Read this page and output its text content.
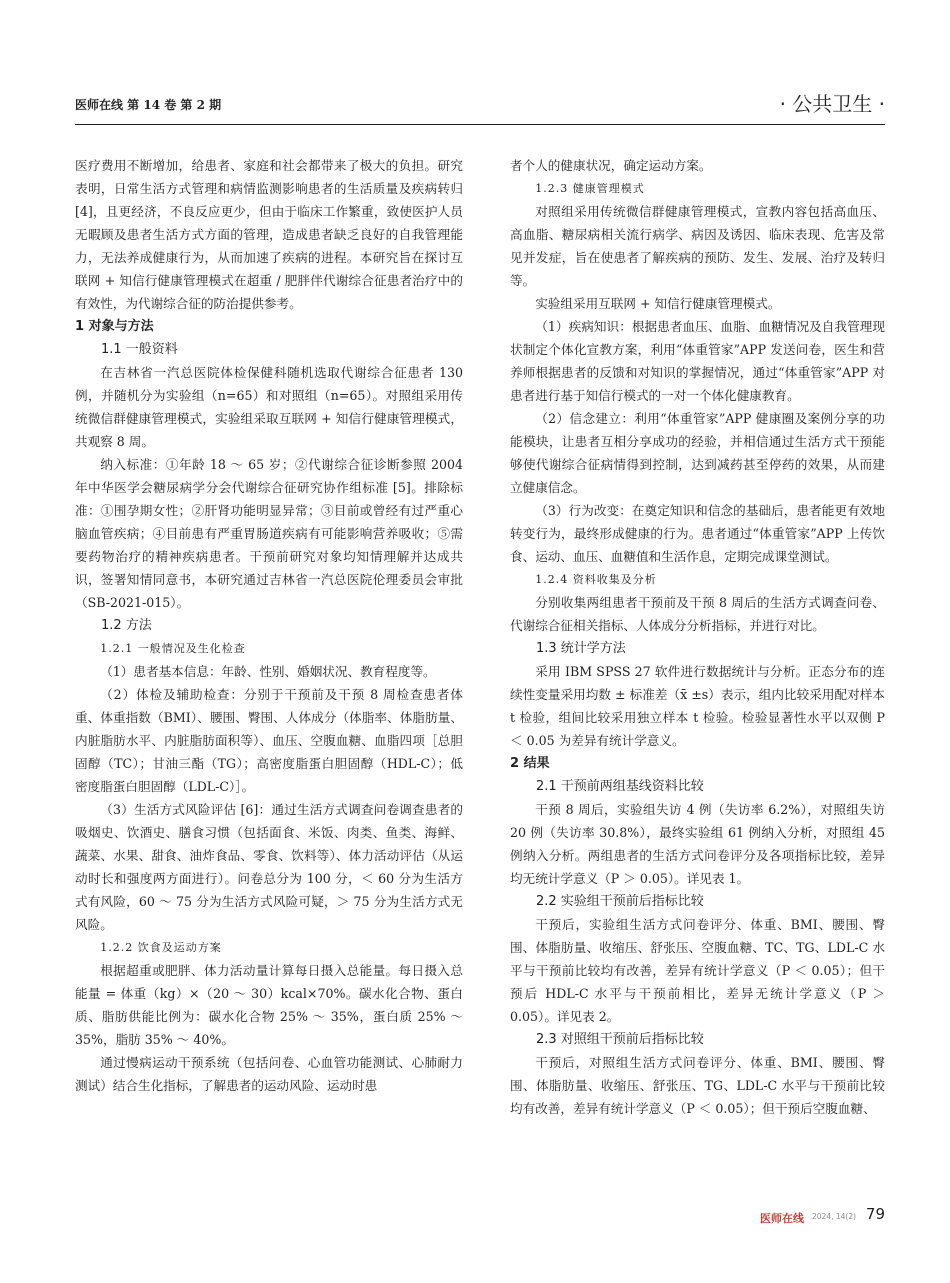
医师在线 第 14 卷 第 2 期	· 公共卫生 ·

医疗费用不断增加，给患者、家庭和社会都带来了极大的负担。研究表明，日常生活方式管理和病情监测影响患者的生活质量及疾病转归 [4]，且更经济，不良反应更少，但由于临床工作繁重，致使医护人员无暇顾及患者生活方式方面的管理，造成患者缺乏良好的自我管理能力，无法养成健康行为，从而加速了疾病的进程。本研究旨在探讨互联网 + 知信行健康管理模式在超重 / 肥胖伴代谢综合征患者治疗中的有效性，为代谢综合征的防治提供参考。

1 对象与方法
1.1 一般资料

在吉林省一汽总医院体检保健科随机选取代谢综合征患者 130 例，并随机分为实验组（n=65）和对照组（n=65）。对照组采用传统微信群健康管理模式，实验组采取互联网 + 知信行健康管理模式，共观察 8 周。

纳入标准：①年龄 18 ～ 65 岁；②代谢综合征诊断参照 2004 年中华医学会糖尿病学分会代谢综合征研究协作组标准 [5]。排除标准：①围孕期女性；②肝肾功能明显异常；③目前或曾经有过严重心脑血管疾病；④目前患有严重胃肠道疾病有可能影响营养吸收；⑤需要药物治疗的精神疾病患者。干预前研究对象均知情理解并达成共识，签署知情同意书，本研究通过吉林省一汽总医院伦理委员会审批（SB-2021-015）。

1.2 方法
1.2.1 一般情况及生化检查

（1）患者基本信息：年龄、性别、婚姻状况、教育程度等。

（2）体检及辅助检查：分别于干预前及干预 8 周检查患者体重、体重指数（BMI）、腰围、臀围、人体成分（体脂率、体脂肪量、内脏脂肪水平、内脏脂肪面积等）、血压、空腹血糖、血脂四项［总胆固醇（TC）；甘油三酯（TG）；高密度脂蛋白胆固醇（HDL-C）；低密度脂蛋白胆固醇（LDL-C）］。

（3）生活方式风险评估 [6]：通过生活方式调查问卷调查患者的吸烟史、饮酒史、膳食习惯（包括面食、米饭、肉类、鱼类、海鲜、蔬菜、水果、甜食、油炸食品、零食、饮料等）、体力活动评估（从运动时长和强度两方面进行）。问卷总分为 100 分，＜ 60 分为生活方式有风险，60 ～ 75 分为生活方式风险可疑，＞ 75 分为生活方式无风险。

1.2.2 饮食及运动方案

根据超重或肥胖、体力活动量计算每日摄入总能量。每日摄入总能量 = 体重（kg）×（20 ～ 30）kcal×70%。碳水化合物、蛋白质、脂肪供能比例为：碳水化合物 25% ～ 35%，蛋白质 25% ～ 35%，脂肪 35% ～ 40%。

通过慢病运动干预系统（包括问卷、心血管功能测试、心肺耐力测试）结合生化指标，了解患者的运动风险、运动时患

者个人的健康状况，确定运动方案。

1.2.3 健康管理模式

对照组采用传统微信群健康管理模式，宣教内容包括高血压、高血脂、糖尿病相关流行病学、病因及诱因、临床表现、危害及常见并发症，旨在使患者了解疾病的预防、发生、发展、治疗及转归等。

实验组采用互联网 + 知信行健康管理模式。

（1）疾病知识：根据患者血压、血脂、血糖情况及自我管理现状制定个体化宣教方案，利用“体重管家”APP 发送问卷，医生和营养师根据患者的反馈和对知识的掌握情况，通过“体重管家”APP 对患者进行基于知信行模式的一对一个体化健康教育。

（2）信念建立：利用“体重管家”APP 健康圈及案例分享的功能模块，让患者互相分享成功的经验，并相信通过生活方式干预能够使代谢综合征病情得到控制，达到减药甚至停药的效果，从而建立健康信念。

（3）行为改变：在奠定知识和信念的基础后，患者能更有效地转变行为，最终形成健康的行为。患者通过“体重管家”APP 上传饮食、运动、血压、血糖值和生活作息，定期完成课堂测试。

1.2.4 资料收集及分析

分别收集两组患者干预前及干预 8 周后的生活方式调查问卷、代谢综合征相关指标、人体成分分析指标，并进行对比。

1.3 统计学方法

采用 IBM SPSS 27 软件进行数据统计与分析。正态分布的连续性变量采用均数 ± 标准差（x̄ ±s）表示，组内比较采用配对样本 t 检验，组间比较采用独立样本 t 检验。检验显著性水平以双侧 P ＜ 0.05 为差异有统计学意义。

2 结果
2.1 干预前两组基线资料比较

干预 8 周后，实验组失访 4 例（失访率 6.2%），对照组失访 20 例（失访率 30.8%），最终实验组 61 例纳入分析，对照组 45 例纳入分析。两组患者的生活方式问卷评分及各项指标比较，差异均无统计学意义（P ＞ 0.05）。详见表 1。

2.2 实验组干预前后指标比较

干预后，实验组生活方式问卷评分、体重、BMI、腰围、臀围、体脂肪量、收缩压、舒张压、空腹血糖、TC、TG、LDL-C 水平与干预前比较均有改善，差异有统计学意义（P ＜ 0.05）；但干预后 HDL-C 水平与干预前相比，差异无统计学意义（P ＞ 0.05）。详见表 2。

2.3 对照组干预前后指标比较

干预后，对照组生活方式问卷评分、体重、BMI、腰围、臀围、体脂肪量、收缩压、舒张压、TG、LDL-C 水平与干预前比较均有改善，差异有统计学意义（P ＜ 0.05）；但干预后空腹血糖、

医师在线 2024, 14(2) 79
